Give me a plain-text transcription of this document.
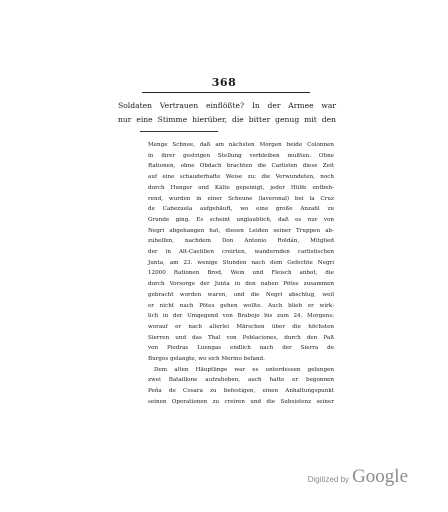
368
Soldaten Vertrauen einflößte? In der Armee war
nur eine Stimme hierüber, die bitter genug mit den
Menge Schnee, daß am nächsten Morgen beide Colonnen
in ihrer gestrigen Stellung verbleiben mußten. Ohne
Rationen, ohne Obdach brachten die Carlisten diese Zeit
auf eine schauderhafte Weise zu; die Verwundeten, noch
durch Hunger und Kälte gepeinigt, jeder Hülfe entbeh-
rend, wurden in einer Scheune (laveronal) bei la Cruz
de Cabezuela aufgehäuft, wo eine große Anzahl zu
Grunde ging. Es scheint unglaublich, daß es nur von
Negri abgehangen hat, diesen Leiden seiner Truppen ab-
zuhelfen, nachdem Don Antonio Roldán, Mitglied
der in Alt-Castilien creirten, wandernden carlistischen
Junta, am 23. wenige Stunden nach dem Gefechte Negri
12000 Rationen Brod, Wein und Fleisch anbot, die
durch Vorsorge der Junta in den nahen Pötes zusammen
gebracht worden waren, und die Negri abschlug, weil
er nicht nach Pötes gehen wollte. Auch blieb er wirk-
lich in der Umgegend von Brabojo bis zum 24. Morgens;
worauf er nach allerlei Märschen über die höchsten
Sierren und das Thal von Poblaciones, durch den Paß
von Piedras Luengas endlich nach der Sierra de
Burgos gelangte, wo sich Merino befand.
Dem alten Häuptlinge war es unterdessen gelungen
zwei Bataillone aufzuheben, auch hatte er begonnen
Peña de Cosara zu befestigen, einen Anhaltungspunkt
seinen Operationen zu creiren und die Subsistenz seiner
Digitized by Google
